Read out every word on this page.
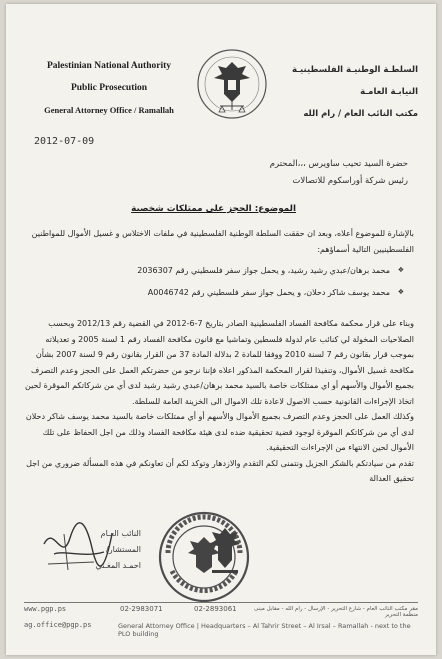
Palestinian National Authority
Public Prosecution
General Attorney Office / Ramallah
السلطـة الوطنيـة الفلسطينيـة
النيابـة العامـة
مكتب النائب العام / رام الله
2012-07-09
حضرة السيد تحيب ساويرس ،،،المحترم
رئيس شركة أوراسكوم للاتصالات
الموضوع: الحجز على ممتلكات شخصية

بالإشارة للموضوع أعلاه، وبعد ان حققت السلطة الوطنية الفلسطينية في ملفات الاختلاس و غسيل الأموال للمواطنين الفلسطينيين التالية أسماؤهم:

❖ محمد برهان/عبدي رشيد رشيد، و يحمل جواز سفر فلسطيني رقم 2036307
❖ محمد يوسف شاكر دحلان، و يحمل جواز سفر فلسطيني رقم A0046742

وبناء على قرار محكمة مكافحة الفساد الفلسطينية الصادر بتاريخ 7-6-2012 في القضية رقم 2012/13 وبحسب الصلاحيات المخولة لي كنائب عام لدولة فلسطين وتماشيا مع قانون مكافحة الفساد رقم 1 لسنة 2005 و تعديلاته بموجب قرار بقانون رقم 7 لسنة 2010 ووفقا للمادة 2 بدلالة المادة 37 من القرار بقانون رقم 9 لسنة 2007 بشأن مكافحة غسيل الأموال، وتنفيذا لقرار المحكمة المذكور اعلاه فإننا نرجو من حضرتكم العمل على الحجز وعدم التصرف بجميع الأموال والأسهم أو اي ممتلكات خاصة بالسيد محمد برهان/عبدي رشيد رشيد لدى أي من شركاتكم الموقرة لحين اتخاذ الإجراءات القانونية حسب الاصول لاعادة تلك الاموال الى الخزينة العامة للسلطة.

وكذلك العمل على الحجز وعدم التصرف بجميع الأموال والأسهم أو أي ممتلكات خاصة بالسيد محمد يوسف شاكر دحلان لدى أي من شركاتكم الموقرة لوجود قضية تحقيقية ضده لدى هيئة مكافحة الفساد وذلك من اجل الحفاظ على تلك الأموال لحين الانتهاء من الإجراءات التحقيقية.

تقدم من سيادتكم بالشكر الجزيل ونتمنى لكم التقدم والازدهار وتوكد لكم أن تعاونكم في هذه المسألة ضروري من اجل تحقيق العدالة

النائب العـام
المستشار/
احمـد المغـني
www.pgp.ps	02-2983071	02-2893061	مقر مكتب النائب العام - شارع التحرير - الإرسال - رام الله - مقابل مبنى منظمة التحرير
ag.office@pgp.ps	General Attorney Office | Headquarters – Al Tahrir Street – Al Irsal – Ramallah - next to the PLO building
